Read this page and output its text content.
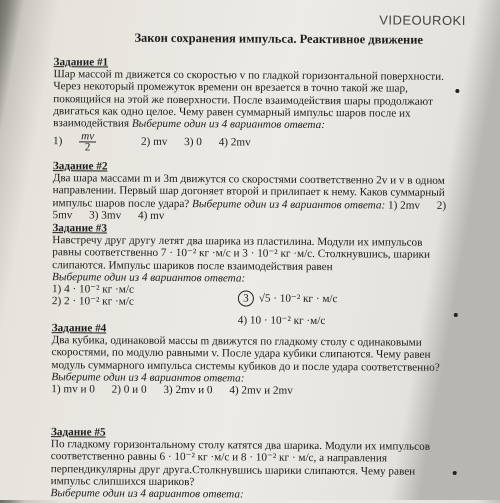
VIDEOUROKI
Закон сохранения импульса. Реактивное движение
Задание #1
Шар массой m движется со скоростью v по гладкой горизонтальной поверхности. Через некоторый промежуток времени он врезается в точно такой же шар, покоящийся на этой же поверхности. После взаимодействия шары продолжают двигаться как одно целое. Чему равен суммарный импульс шаров после их взаимодействия Выберите один из 4 вариантов ответа:
$1) \frac{mv}{2}$	2) mv 3) 0 4) 2mv
Задание #2
Два шара массами m и 3m движутся со скоростями соответственно 2v и v в одном направлении. Первый шар догоняет второй и прилипает к нему. Каков суммарный импульс шаров после удара? Выберите один из 4 вариантов ответа: 1) 2mv 2) 5mv 3) 3mv 4) mv
Задание #3
Навстречу друг другу летят два шарика из пластилина. Модули их импульсов равны соответственно 7 · 10⁻² кг ·м/с и 3 · 10⁻² кг ·м/с. Столкнувшись, шарики слипаются. Импульс шариков после взаимодействия равен
Выберите один из 4 вариантов ответа:
1) 4 · 10⁻² кг ·м/с
2) 2 · 10⁻² кг ·м/с	3 √5 · 10⁻² кг · м/с
4) 10 · 10⁻² кг ·м/с
Задание #4
Два кубика, одинаковой массы m движутся по гладкому столу с одинаковыми скоростями, по модулю равными v. После удара кубики слипаются. Чему равен модуль суммарного импульса системы кубиков до и после удара соответственно?
Выберите один из 4 вариантов ответа:
1) mv и 0 2) 0 и 0 3) 2mv и 0 4) 2mv и 2mv
Задание #5
По гладкому горизонтальному столу катятся два шарика. Модули их импульсов соответственно равны 6 · 10⁻² кг ·м/с и 8 · 10⁻² кг · м/с, а направления перпендикулярны друг друга.Столкнувшись шарики слипаются. Чему равен импульс слипшихся шариков?
Выберите один из 4 вариантов ответа:
